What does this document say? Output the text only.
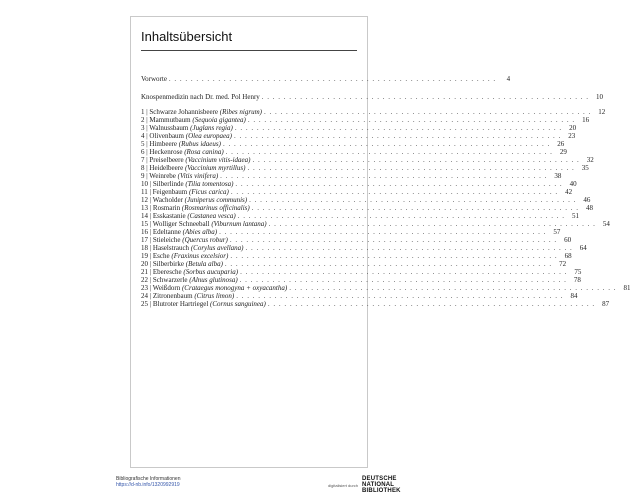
Inhaltsübersicht
Vorworte . . . . . . . . . . . . . . . . . . . . . . . . . . . . . . . . . . . . . . . . . . . . . . . . . . . . . . . . . . . .	4
Knospenmedizin nach Dr. med. Pol Henry . . . . . . . . . . . . . . . . . . . . . . . . . . . . . . . . . . . . . . . . . . . . . . . . . . . . . . . . . . . .	10
1 | Schwarze Johannisbeere (Ribes nigrum) . . . . . . . . . . . . . . . . . . . . . . . . . . . . . . . . . . . . . . . . . . . . . . . . . . . . . . . . . . . .	12
2 | Mammutbaum (Sequoia gigantea) . . . . . . . . . . . . . . . . . . . . . . . . . . . . . . . . . . . . . . . . . . . . . . . . . . . . . . . . . . . .	16
3 | Walnussbaum (Juglans regia) . . . . . . . . . . . . . . . . . . . . . . . . . . . . . . . . . . . . . . . . . . . . . . . . . . . . . . . . . . . .	20
4 | Olivenbaum (Olea europaea) . . . . . . . . . . . . . . . . . . . . . . . . . . . . . . . . . . . . . . . . . . . . . . . . . . . . . . . . . . . .	23
5 | Himbeere (Rubus idaeus) . . . . . . . . . . . . . . . . . . . . . . . . . . . . . . . . . . . . . . . . . . . . . . . . . . . . . . . . . . . .	26
6 | Heckenrose (Rosa canina) . . . . . . . . . . . . . . . . . . . . . . . . . . . . . . . . . . . . . . . . . . . . . . . . . . . . . . . . . . . .	29
7 | Preiselbeere (Vaccinium vitis-idaea) . . . . . . . . . . . . . . . . . . . . . . . . . . . . . . . . . . . . . . . . . . . . . . . . . . . . . . . . . . . .	32
8 | Heidelbeere (Vaccinium myrtillus) . . . . . . . . . . . . . . . . . . . . . . . . . . . . . . . . . . . . . . . . . . . . . . . . . . . . . . . . . . . .	35
9 | Weinrebe (Vitis vinifera) . . . . . . . . . . . . . . . . . . . . . . . . . . . . . . . . . . . . . . . . . . . . . . . . . . . . . . . . . . . .	38
10 | Silberlinde (Tilia tomentosa) . . . . . . . . . . . . . . . . . . . . . . . . . . . . . . . . . . . . . . . . . . . . . . . . . . . . . . . . . . . .	40
11 | Feigenbaum (Ficus carica) . . . . . . . . . . . . . . . . . . . . . . . . . . . . . . . . . . . . . . . . . . . . . . . . . . . . . . . . . . . .	42
12 | Wacholder (Juniperus communis) . . . . . . . . . . . . . . . . . . . . . . . . . . . . . . . . . . . . . . . . . . . . . . . . . . . . . . . . . . . .	46
13 | Rosmarin (Rosmarinus officinalis) . . . . . . . . . . . . . . . . . . . . . . . . . . . . . . . . . . . . . . . . . . . . . . . . . . . . . . . . . . . .	48
14 | Esskastanie (Castanea vesca) . . . . . . . . . . . . . . . . . . . . . . . . . . . . . . . . . . . . . . . . . . . . . . . . . . . . . . . . . . . .	51
15 | Wolliger Schneeball (Viburnum lantana) . . . . . . . . . . . . . . . . . . . . . . . . . . . . . . . . . . . . . . . . . . . . . . . . . . . . . . . . . . . .	54
16 | Edeltanne (Abies alba) . . . . . . . . . . . . . . . . . . . . . . . . . . . . . . . . . . . . . . . . . . . . . . . . . . . . . . . . . . . .	57
17 | Stieleiche (Quercus robur) . . . . . . . . . . . . . . . . . . . . . . . . . . . . . . . . . . . . . . . . . . . . . . . . . . . . . . . . . . . .	60
18 | Haselstrauch (Corylus avellana) . . . . . . . . . . . . . . . . . . . . . . . . . . . . . . . . . . . . . . . . . . . . . . . . . . . . . . . . . . . .	64
19 | Esche (Fraxinus excelsior) . . . . . . . . . . . . . . . . . . . . . . . . . . . . . . . . . . . . . . . . . . . . . . . . . . . . . . . . . . . .	68
20 | Silberbirke (Betula alba) . . . . . . . . . . . . . . . . . . . . . . . . . . . . . . . . . . . . . . . . . . . . . . . . . . . . . . . . . . . .	72
21 | Eberesche (Sorbus aucuparia) . . . . . . . . . . . . . . . . . . . . . . . . . . . . . . . . . . . . . . . . . . . . . . . . . . . . . . . . . . . .	75
22 | Schwarzerle (Alnus glutinosa) . . . . . . . . . . . . . . . . . . . . . . . . . . . . . . . . . . . . . . . . . . . . . . . . . . . . . . . . . . . .	78
23 | Weißdorn (Crataegus monogyna + oxyacantha) . . . . . . . . . . . . . . . . . . . . . . . . . . . . . . . . . . . . . . . . . . . . . . . . . . . . . . . . . . . .	81
24 | Zitronenbaum (Citrus limon) . . . . . . . . . . . . . . . . . . . . . . . . . . . . . . . . . . . . . . . . . . . . . . . . . . . . . . . . . . . .	84
25 | Blutroter Hartriegel (Cornus sanguinea) . . . . . . . . . . . . . . . . . . . . . . . . . . . . . . . . . . . . . . . . . . . . . . . . . . . . . . . . . . . .	87
Bibliografische Informationen
https://d-nb.info/1320992919	digitalisiert durch
DEUTSCHE
NATIONAL
BIBLIOTHEK
